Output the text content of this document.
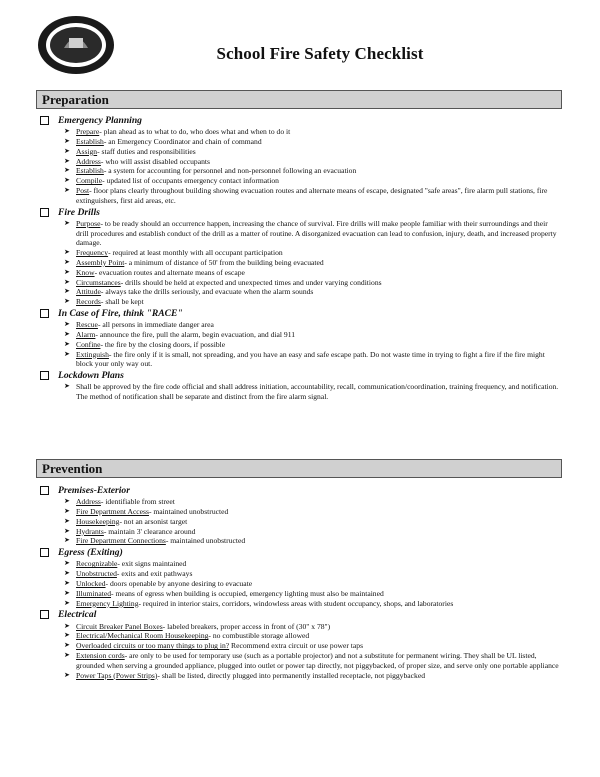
School Fire Safety Checklist
Preparation
Emergency Planning
➤ Prepare- plan ahead as to what to do, who does what and when to do it
➤ Establish- an Emergency Coordinator and chain of command
➤ Assign- staff duties and responsibilities
➤ Address- who will assist disabled occupants
➤ Establish- a system for accounting for personnel and non-personnel following an evacuation
➤ Compile- updated list of occupants emergency contact information
➤ Post- floor plans clearly throughout building showing evacuation routes and alternate means of escape, designated "safe areas", fire alarm pull stations, fire extinguishers, first aid areas, etc.
Fire Drills
➤ Purpose- to be ready should an occurrence happen, increasing the chance of survival. Fire drills will make people familiar with their surroundings and their drill procedures and establish conduct of the drill as a matter of routine. A disorganized evacuation can lead to confusion, injury, death, and increased property damage.
➤ Frequency- required at least monthly with all occupant participation
➤ Assembly Point- a minimum of distance of 50' from the building being evacuated
➤ Know- evacuation routes and alternate means of escape
➤ Circumstances- drills should be held at expected and unexpected times and under varying conditions
➤ Attitude- always take the drills seriously, and evacuate when the alarm sounds
➤ Records- shall be kept
In Case of Fire, think "RACE"
➤ Rescue- all persons in immediate danger area
➤ Alarm- announce the fire, pull the alarm, begin evacuation, and dial 911
➤ Confine- the fire by the closing doors, if possible
➤ Extinguish- the fire only if it is small, not spreading, and you have an easy and safe escape path. Do not waste time in trying to fight a fire if the fire might block your only way out.
Lockdown Plans
➤ Shall be approved by the fire code official and shall address initiation, accountability, recall, communication/coordination, training frequency, and notification. The method of notification shall be separate and distinct from the fire alarm signal.
Prevention
Premises-Exterior
➤ Address- identifiable from street
➤ Fire Department Access- maintained unobstructed
➤ Housekeeping- not an arsonist target
➤ Hydrants- maintain 3' clearance around
➤ Fire Department Connections- maintained unobstructed
Egress (Exiting)
➤ Recognizable- exit signs maintained
➤ Unobstructed- exits and exit pathways
➤ Unlocked- doors openable by anyone desiring to evacuate
➤ Illuminated- means of egress when building is occupied, emergency lighting must also be maintained
➤ Emergency Lighting- required in interior stairs, corridors, windowless areas with student occupancy, shops, and laboratories
Electrical
➤ Circuit Breaker Panel Boxes- labeled breakers, proper access in front of (30" x 78")
➤ Electrical/Mechanical Room Housekeeping- no combustible storage allowed
➤ Overloaded circuits or too many things to plug in? Recommend extra circuit or use power taps
➤ Extension cords- are only to be used for temporary use (such as a portable projector) and not a substitute for permanent wiring. They shall be UL listed, grounded when serving a grounded appliance, plugged into outlet or power tap directly, not piggybacked, of proper size, and serve only one portable appliance
➤ Power Taps (Power Strips)- shall be listed, directly plugged into permanently installed receptacle, not piggybacked
